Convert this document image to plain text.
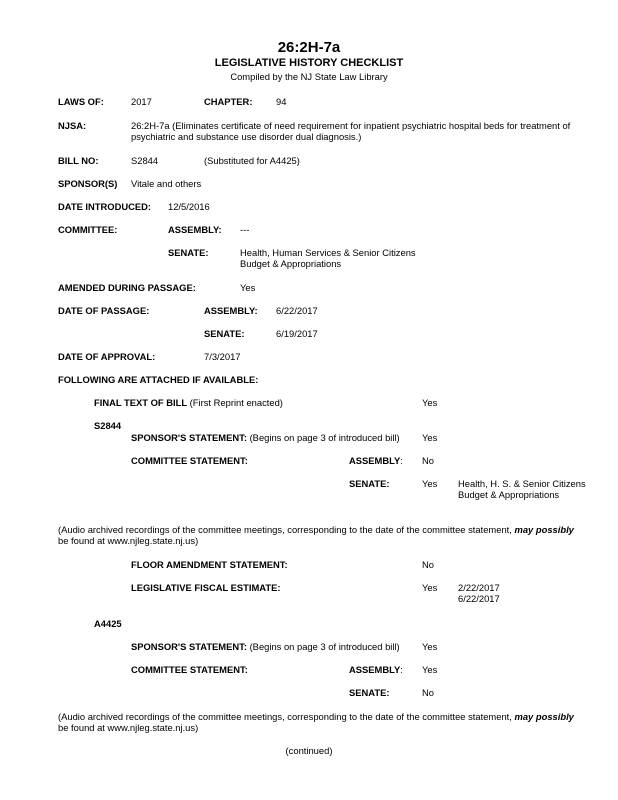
26:2H-7a
LEGISLATIVE HISTORY CHECKLIST
Compiled by the NJ State Law Library
LAWS OF:	2017	CHAPTER:	94
NJSA:	26:2H-7a (Eliminates certificate of need requirement for inpatient psychiatric hospital beds for treatment of
psychiatric and substance use disorder dual diagnosis.)
BILL NO:	S2844	(Substituted for A4425)
SPONSOR(S) Vitale and others
DATE INTRODUCED: 12/5/2016
COMMITTEE:	ASSEMBLY: ---
SENATE:	Health, Human Services & Senior Citizens
Budget & Appropriations
AMENDED DURING PASSAGE:	Yes
DATE OF PASSAGE:	ASSEMBLY: 6/22/2017
SENATE:	6/19/2017
DATE OF APPROVAL:	7/3/2017
FOLLOWING ARE ATTACHED IF AVAILABLE:
FINAL TEXT OF BILL (First Reprint enacted)	Yes
S2844
SPONSOR'S STATEMENT: (Begins on page 3 of introduced bill) Yes
COMMITTEE STATEMENT:	ASSEMBLY: No
SENATE:	Yes Health, H. S. & Senior Citizens
Budget & Appropriations
(Audio archived recordings of the committee meetings, corresponding to the date of the committee statement, may possibly
be found at www.njleg.state.nj.us)
FLOOR AMENDMENT STATEMENT:	No
LEGISLATIVE FISCAL ESTIMATE:	Yes 2/22/2017
6/22/2017
A4425
SPONSOR'S STATEMENT: (Begins on page 3 of introduced bill) Yes
COMMITTEE STATEMENT:	ASSEMBLY: Yes
SENATE:	No
(Audio archived recordings of the committee meetings, corresponding to the date of the committee statement, may possibly
be found at www.njleg.state.nj.us)
(continued)
